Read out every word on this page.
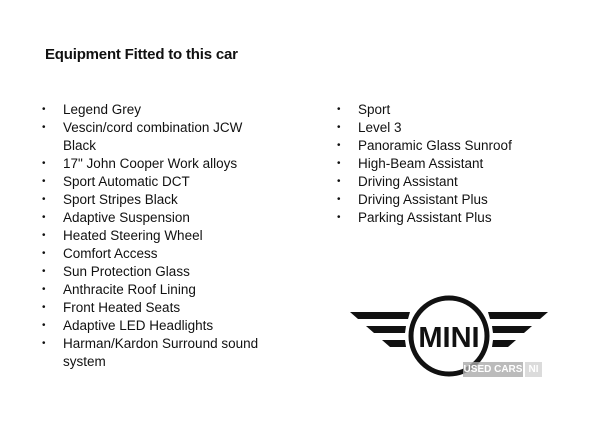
Equipment Fitted to this car
• Legend Grey
• Vescin/cord combination JCW Black
• 17" John Cooper Work alloys
• Sport Automatic DCT
• Sport Stripes Black
• Adaptive Suspension
• Heated Steering Wheel
• Comfort Access
• Sun Protection Glass
• Anthracite Roof Lining
• Front Heated Seats
• Adaptive LED Headlights
• Harman/Kardon Surround sound system
• Sport
• Level 3
• Panoramic Glass Sunroof
• High-Beam Assistant
• Driving Assistant
• Driving Assistant Plus
• Parking Assistant Plus
MINI
USED CARS NI
